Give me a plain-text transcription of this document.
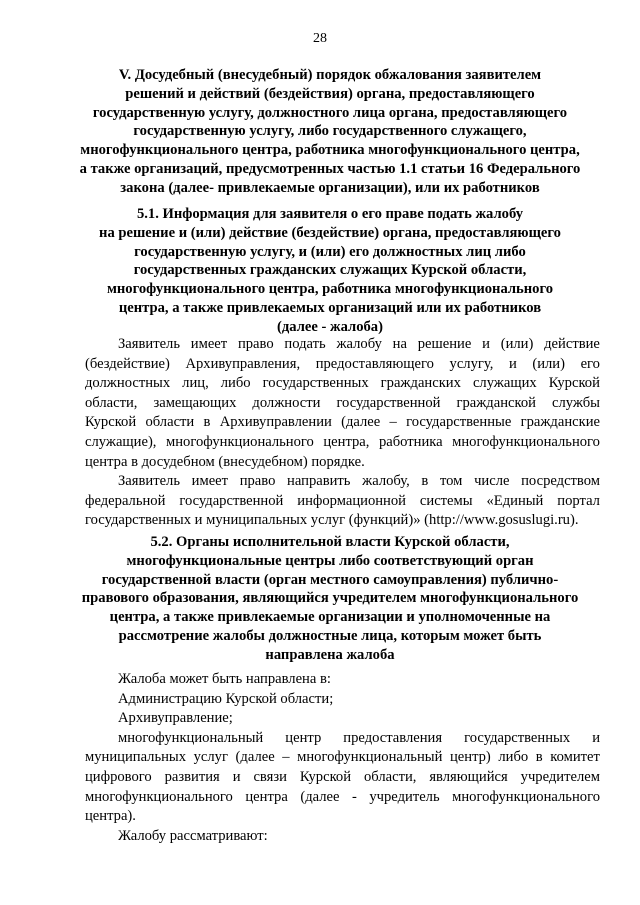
28
V. Досудебный (внесудебный) порядок обжалования заявителем
решений и действий (бездействия) органа, предоставляющего
государственную услугу, должностного лица органа, предоставляющего
государственную услугу, либо государственного служащего,
многофункционального центра, работника многофункционального центра,
а также организаций, предусмотренных частью 1.1 статьи 16 Федерального
закона (далее- привлекаемые организации), или их работников
5.1. Информация для заявителя о его праве подать жалобу
на решение и (или) действие (бездействие) органа, предоставляющего
государственную услугу, и (или) его должностных лиц либо
государственных гражданских служащих Курской области,
многофункционального центра, работника многофункционального
центра, а также привлекаемых организаций или их работников
(далее - жалоба)
Заявитель имеет право подать жалобу на решение и (или) действие
(бездействие) Архивуправления, предоставляющего услугу, и (или) его
должностных лиц, либо государственных гражданских служащих Курской
области, замещающих должности государственной гражданской службы
Курской области в Архивуправлении (далее – государственные гражданские
служащие), многофункционального центра, работника многофункционального
центра в досудебном (внесудебном) порядке.
Заявитель имеет право направить жалобу, в том числе посредством
федеральной государственной информационной системы «Единый портал
государственных и муниципальных услуг (функций)» (http://www.gosuslugi.ru).
5.2. Органы исполнительной власти Курской области,
многофункциональные центры либо соответствующий орган
государственной власти (орган местного самоуправления) публично-
правового образования, являющийся учредителем многофункционального
центра, а также привлекаемые организации и уполномоченные на
рассмотрение жалобы должностные лица, которым может быть
направлена жалоба
Жалоба может быть направлена в:
Администрацию Курской области;
Архивуправление;
многофункциональный центр предоставления государственных и
муниципальных услуг (далее – многофункциональный центр) либо в комитет
цифрового развития и связи Курской области, являющийся учредителем
многофункционального центра (далее - учредитель многофункционального
центра).
Жалобу рассматривают:
